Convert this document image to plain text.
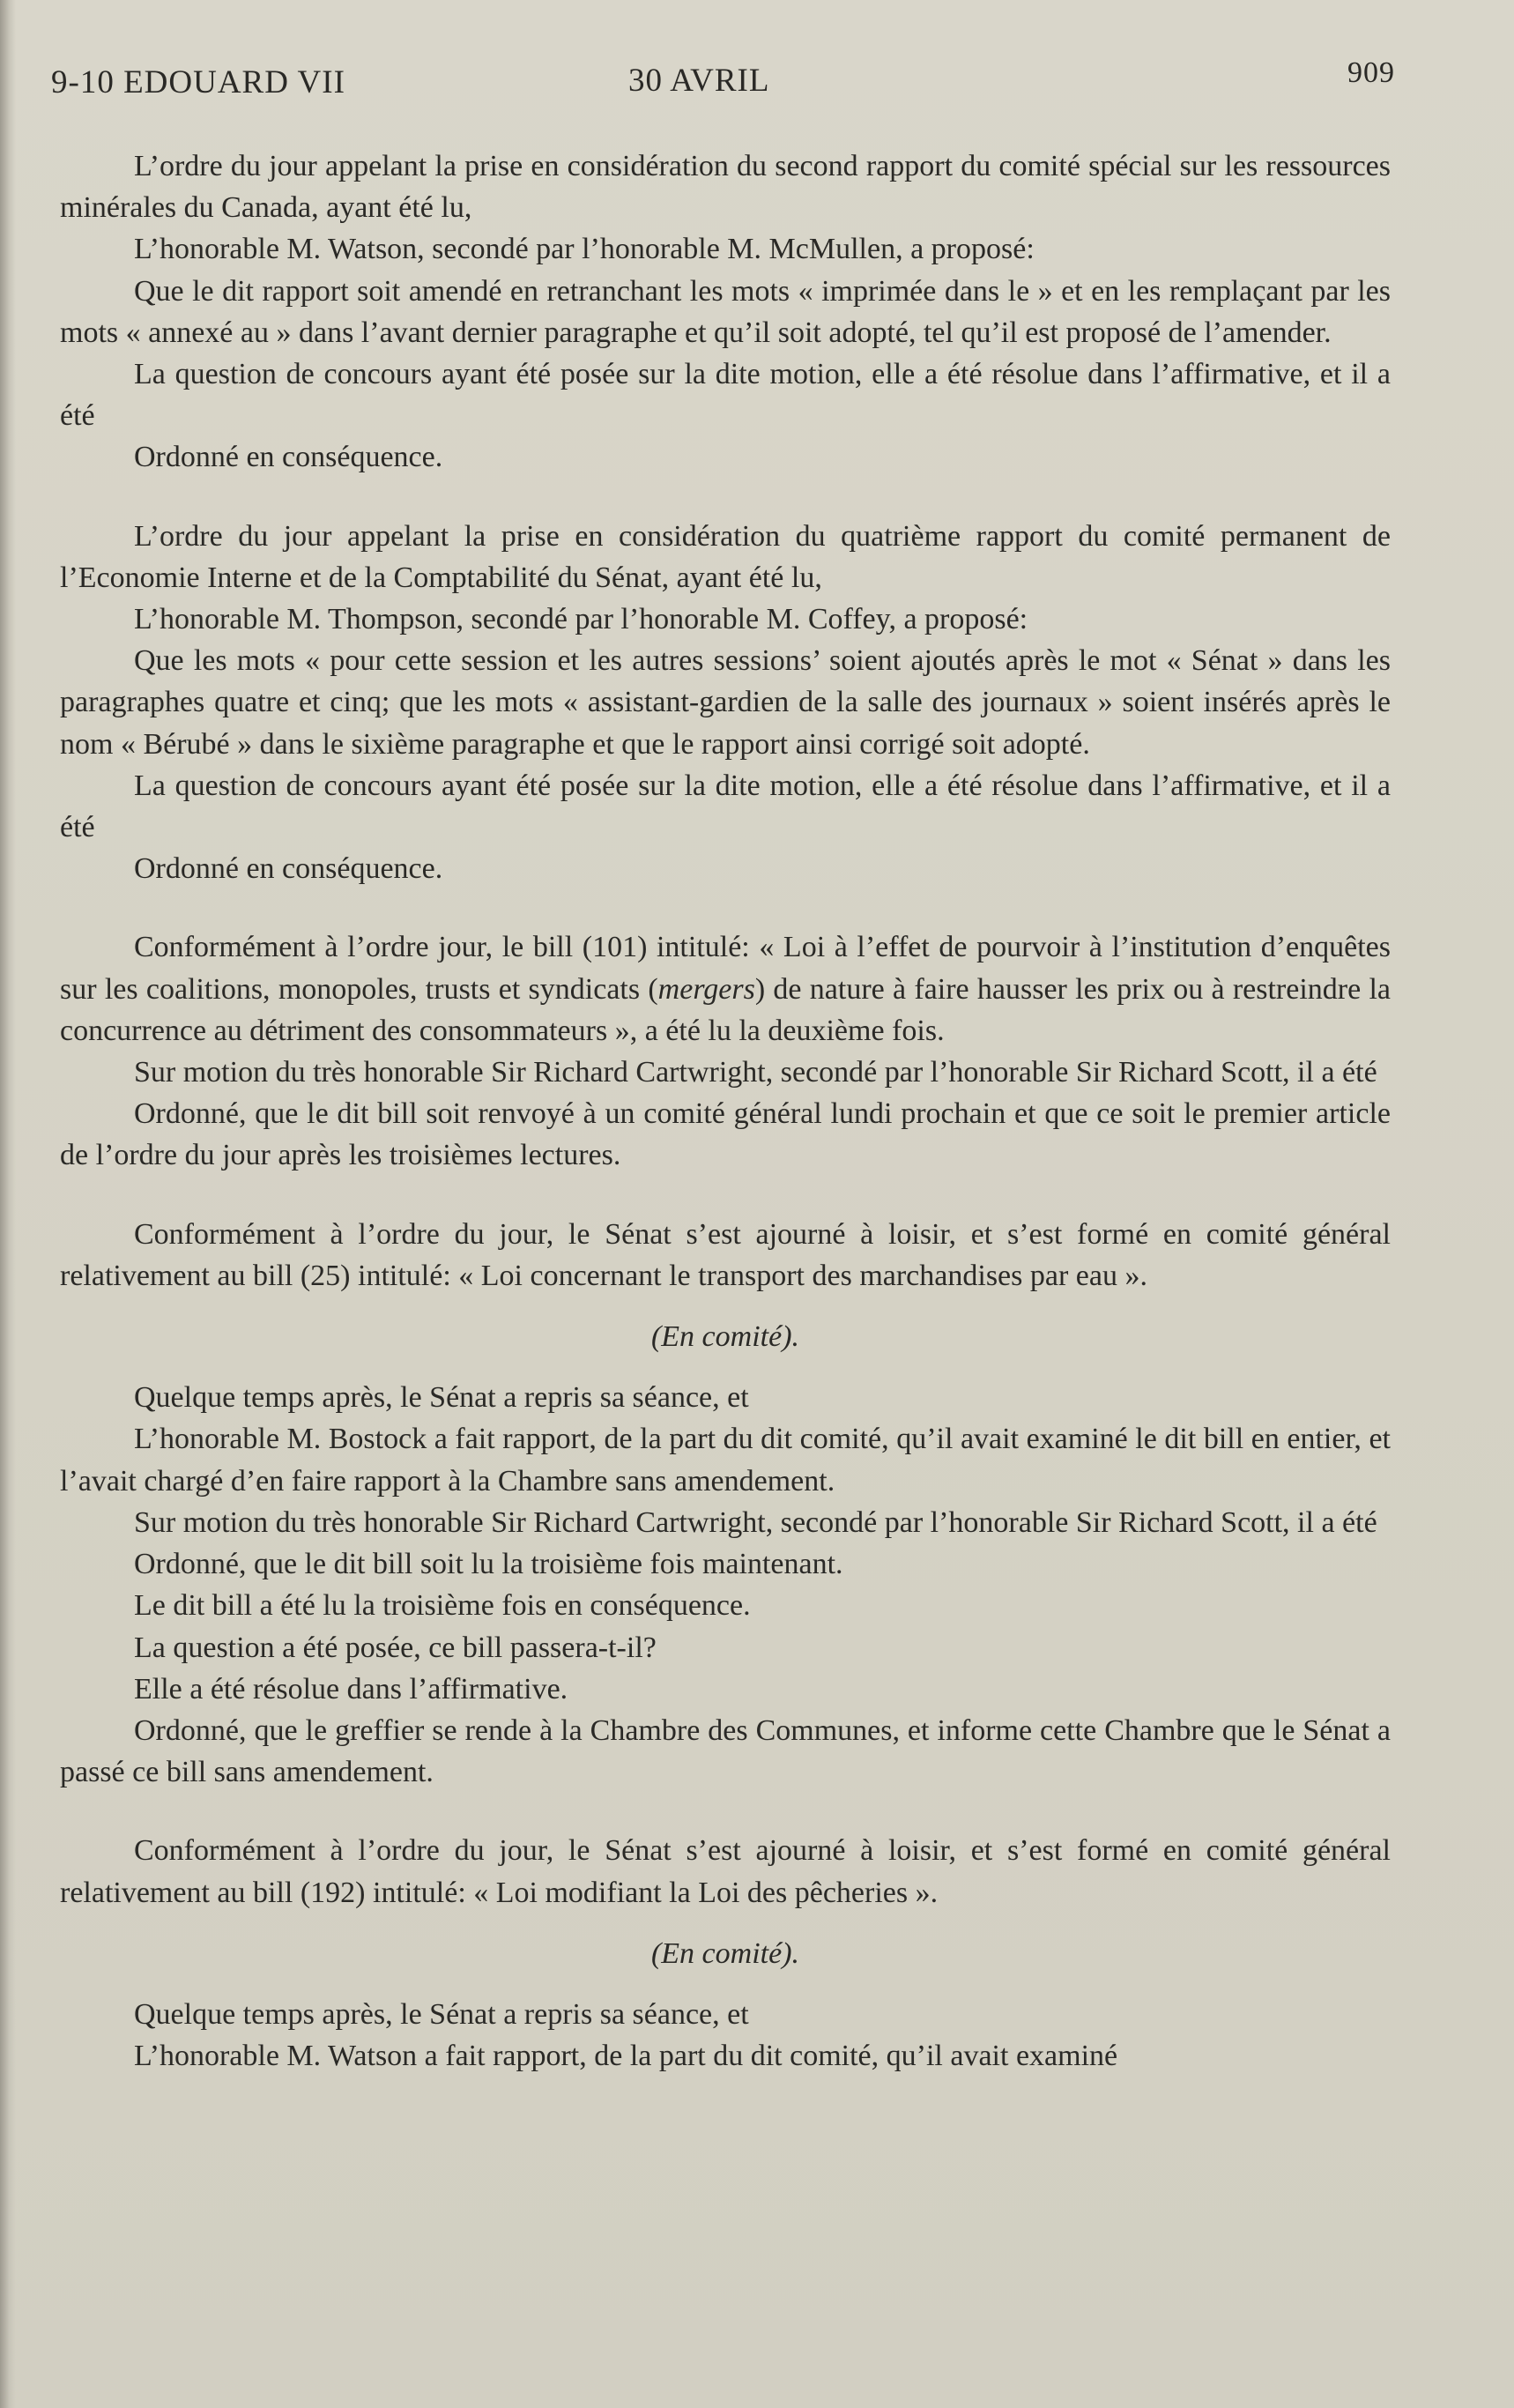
9-10 EDOUARD VII	30 AVRIL	909

L’ordre du jour appelant la prise en considération du second rapport du comité spécial sur les ressources minérales du Canada, ayant été lu,

L’honorable M. Watson, secondé par l’honorable M. McMullen, a proposé:

Que le dit rapport soit amendé en retranchant les mots « imprimée dans le » et en les remplaçant par les mots « annexé au » dans l’avant dernier paragraphe et qu’il soit adopté, tel qu’il est proposé de l’amender.

La question de concours ayant été posée sur la dite motion, elle a été résolue dans l’affirmative, et il a été

Ordonné en conséquence.

L’ordre du jour appelant la prise en considération du quatrième rapport du comité permanent de l’Economie Interne et de la Comptabilité du Sénat, ayant été lu,

L’honorable M. Thompson, secondé par l’honorable M. Coffey, a proposé:

Que les mots « pour cette session et les autres sessions’ soient ajoutés après le mot « Sénat » dans les paragraphes quatre et cinq; que les mots « assistant-gardien de la salle des journaux » soient insérés après le nom « Bérubé » dans le sixième paragraphe et que le rapport ainsi corrigé soit adopté.

La question de concours ayant été posée sur la dite motion, elle a été résolue dans l’affirmative, et il a été

Ordonné en conséquence.

Conformément à l’ordre jour, le bill (101) intitulé: « Loi à l’effet de pourvoir à l’institution d’enquêtes sur les coalitions, monopoles, trusts et syndicats (mergers) de nature à faire hausser les prix ou à restreindre la concurrence au détriment des consommateurs », a été lu la deuxième fois.

Sur motion du très honorable Sir Richard Cartwright, secondé par l’honorable Sir Richard Scott, il a été

Ordonné, que le dit bill soit renvoyé à un comité général lundi prochain et que ce soit le premier article de l’ordre du jour après les troisièmes lectures.

Conformément à l’ordre du jour, le Sénat s’est ajourné à loisir, et s’est formé en comité général relativement au bill (25) intitulé: « Loi concernant le transport des marchandises par eau ».

(En comité).

Quelque temps après, le Sénat a repris sa séance, et

L’honorable M. Bostock a fait rapport, de la part du dit comité, qu’il avait examiné le dit bill en entier, et l’avait chargé d’en faire rapport à la Chambre sans amendement.

Sur motion du très honorable Sir Richard Cartwright, secondé par l’honorable Sir Richard Scott, il a été

Ordonné, que le dit bill soit lu la troisième fois maintenant.

Le dit bill a été lu la troisième fois en conséquence.

La question a été posée, ce bill passera-t-il?

Elle a été résolue dans l’affirmative.

Ordonné, que le greffier se rende à la Chambre des Communes, et informe cette Chambre que le Sénat a passé ce bill sans amendement.

Conformément à l’ordre du jour, le Sénat s’est ajourné à loisir, et s’est formé en comité général relativement au bill (192) intitulé: « Loi modifiant la Loi des pêcheries ».

(En comité).

Quelque temps après, le Sénat a repris sa séance, et

L’honorable M. Watson a fait rapport, de la part du dit comité, qu’il avait examiné
